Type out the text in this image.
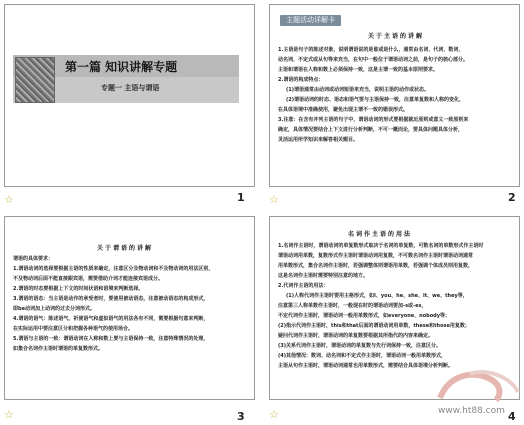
第一篇 知识讲解专题
专题一 主语与谓语
☆	1
主题活动详解卡
关于主语的讲解
1.主语是句子的陈述对象，说明谓语说的是谁或是什么，通常由名词、代词、数词、
动名词、不定式或从句等来充当，在句中一般位于谓语动词之前，是句子的核心部分。
主语和谓语在人称和数上必须保持一致，这是主谓一致的基本原则要求。
2.谓语的构成特点：
(1)谓语通常由动词或动词短语来充当，说明主语的动作或状态。
(2)谓语动词的时态、语态和语气要与主语保持一致，注意单复数和人称的变化，
在具体语境中准确使用，避免出现主谓不一致的错误形式。
3.注意：在含有并列主语的句子中，谓语动词的形式要根据就近原则或意义一致原则来
确定，具体情况要结合上下文进行分析判断，不可一概而论，要具体问题具体分析，
灵活运用所学知识来解答相关题目。
☆	2
关于谓语的讲解
谓语的具体要求：
1.谓语动词的选择要根据主语的性质来确定，注意区分及物动词和不及物动词的用法区别，
不及物动词后面不能直接跟宾语，需要借助介词才能连接宾语成分。
2.谓语的时态要根据上下文的时间状语和语境来判断选择。
3.谓语的语态：当主语是动作的承受者时，要使用被动语态，注意被动语态的构成形式，
即be动词加上动词的过去分词形式。
4.谓语的语气：陈述语气、祈使语气和虚拟语气的用法各有不同，需要根据句意来判断，
在实际运用中要注意区分和把握各种语气的使用场合。
5.谓语与主语的一致：谓语动词在人称和数上要与主语保持一致，注意特殊情况的处理，
如集合名词作主语时谓语的单复数形式。
☆	3
名词作主语的用法
1.名词作主语时，谓语动词的单复数形式取决于名词的单复数，可数名词的单数形式作主语时
谓语动词用单数，复数形式作主语时谓语动词用复数，不可数名词作主语时谓语动词通常
用单数形式，集合名词作主语时，若强调整体则谓语用单数，若强调个体成员则用复数，
这是名词作主语时需要特别注意的地方。
2.代词作主语的用法：
(1)人称代词作主语时要用主格形式，如I、you、he、she、it、we、they等，
注意第三人称单数作主语时，一般现在时的谓语动词要加-s或-es，
不定代词作主语时，谓语动词一般用单数形式，如everyone、nobody等；
(2)指示代词作主语时，this和that后面的谓语动词用单数，these和those用复数；
疑问代词作主语时，谓语动词的单复数要根据其所指代的内容来确定。
(3)关系代词作主语时，谓语动词的单复数与先行词保持一致，注意区分。
(4)其他情况：数词、动名词和不定式作主语时，谓语动词一般用单数形式，
主语从句作主语时，谓语动词通常也用单数形式，需要结合具体语境分析判断。
☆	4
www.ht88.com
